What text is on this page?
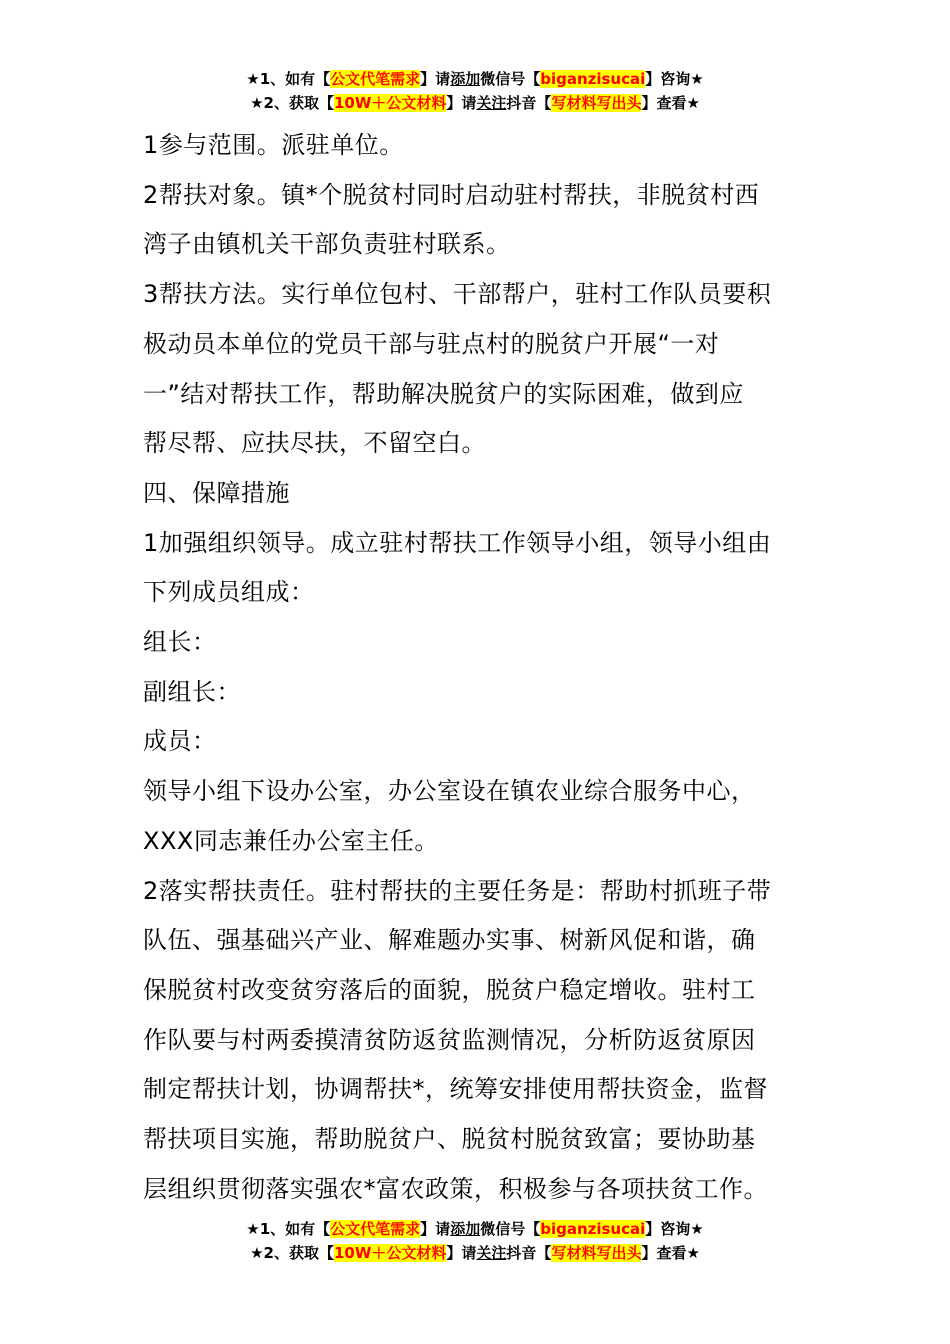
★1、如有【公文代笔需求】请添加微信号【biganzisucai】咨询★
★2、获取【10W＋公文材料】请关注抖音【写材料写出头】查看★

1参与范围。派驻单位。

2帮扶对象。镇*个脱贫村同时启动驻村帮扶，非脱贫村西

湾子由镇机关干部负责驻村联系。

3帮扶方法。实行单位包村、干部帮户，驻村工作队员要积

极动员本单位的党员干部与驻点村的脱贫户开展“一对

一”结对帮扶工作，帮助解决脱贫户的实际困难，做到应

帮尽帮、应扶尽扶，不留空白。

四、保障措施

1加强组织领导。成立驻村帮扶工作领导小组，领导小组由

下列成员组成：

组长：

副组长：

成员：

领导小组下设办公室，办公室设在镇农业综合服务中心，

XXX同志兼任办公室主任。

2落实帮扶责任。驻村帮扶的主要任务是：帮助村抓班子带

队伍、强基础兴产业、解难题办实事、树新风促和谐，确

保脱贫村改变贫穷落后的面貌，脱贫户稳定增收。驻村工

作队要与村两委摸清贫防返贫监测情况，分析防返贫原因

制定帮扶计划，协调帮扶*，统筹安排使用帮扶资金，监督

帮扶项目实施，帮助脱贫户、脱贫村脱贫致富；要协助基

层组织贯彻落实强农*富农政策，积极参与各项扶贫工作。

★1、如有【公文代笔需求】请添加微信号【biganzisucai】咨询★
★2、获取【10W＋公文材料】请关注抖音【写材料写出头】查看★
